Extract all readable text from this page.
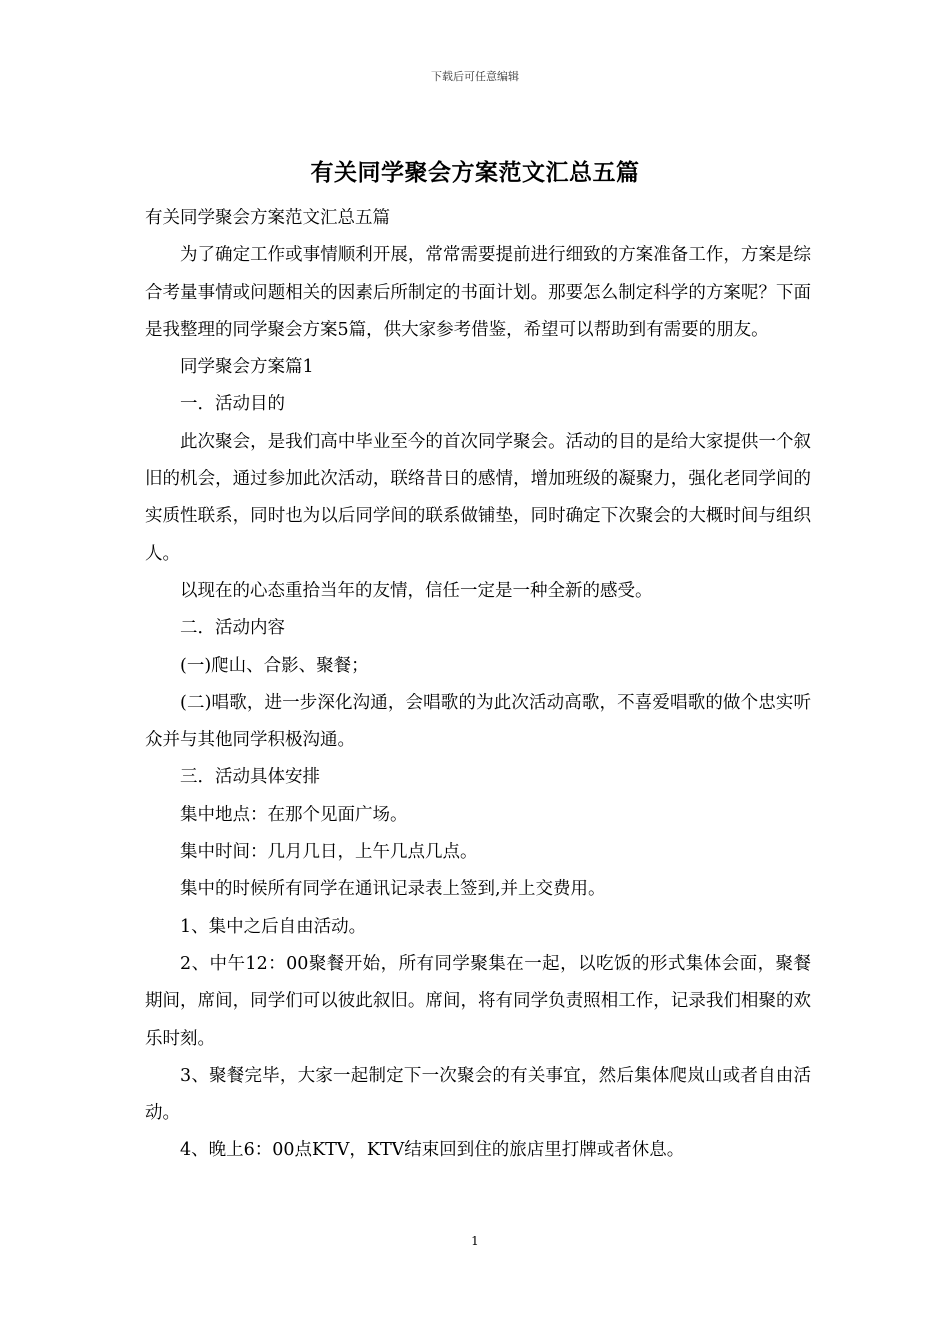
下载后可任意编辑
有关同学聚会方案范文汇总五篇

有关同学聚会方案范文汇总五篇

为了确定工作或事情顺利开展，常常需要提前进行细致的方案准备工作，方案是综合考量事情或问题相关的因素后所制定的书面计划。那要怎么制定科学的方案呢？下面是我整理的同学聚会方案5篇，供大家参考借鉴，希望可以帮助到有需要的朋友。

同学聚会方案篇1

一．活动目的

此次聚会，是我们高中毕业至今的首次同学聚会。活动的目的是给大家提供一个叙旧的机会，通过参加此次活动，联络昔日的感情，增加班级的凝聚力，强化老同学间的实质性联系，同时也为以后同学间的联系做铺垫，同时确定下次聚会的大概时间与组织人。

以现在的心态重拾当年的友情，信任一定是一种全新的感受。

二．活动内容

(一)爬山、合影、聚餐；

(二)唱歌，进一步深化沟通，会唱歌的为此次活动高歌，不喜爱唱歌的做个忠实听众并与其他同学积极沟通。

三．活动具体安排

集中地点：在那个见面广场。

集中时间：几月几日，上午几点几点。

集中的时候所有同学在通讯记录表上签到,并上交费用。

1、集中之后自由活动。

2、中午12：00聚餐开始，所有同学聚集在一起，以吃饭的形式集体会面，聚餐期间，席间，同学们可以彼此叙旧。席间，将有同学负责照相工作，记录我们相聚的欢乐时刻。

3、聚餐完毕，大家一起制定下一次聚会的有关事宜，然后集体爬岚山或者自由活动。

4、晚上6：00点KTV，KTV结束回到住的旅店里打牌或者休息。

1
